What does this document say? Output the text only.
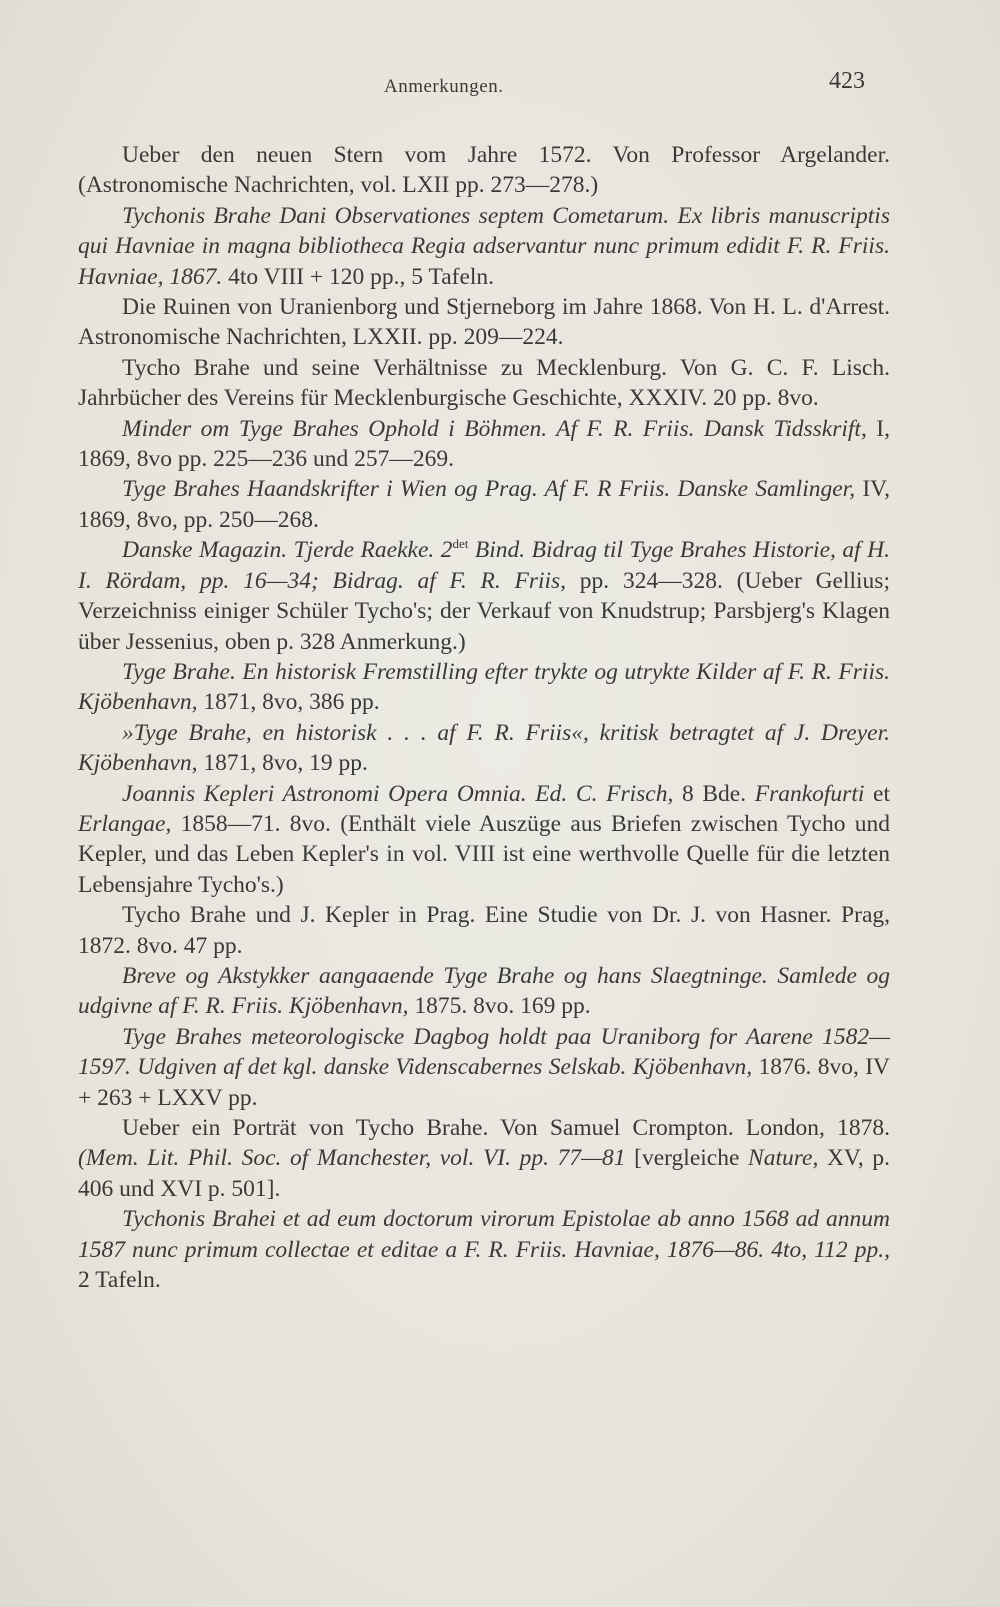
Anmerkungen.	423

Ueber den neuen Stern vom Jahre 1572. Von Professor Argelander. (Astronomische Nachrichten, vol. LXII pp. 273—278.)

Tychonis Brahe Dani Observationes septem Cometarum. Ex libris manuscriptis qui Havniae in magna bibliotheca Regia adservantur nunc primum edidit F. R. Friis. Havniae, 1867. 4to VIII + 120 pp., 5 Tafeln.

Die Ruinen von Uranienborg und Stjerneborg im Jahre 1868. Von H. L. d'Arrest. Astronomische Nachrichten, LXXII. pp. 209—224.

Tycho Brahe und seine Verhältnisse zu Mecklenburg. Von G. C. F. Lisch. Jahrbücher des Vereins für Mecklenburgische Geschichte, XXXIV. 20 pp. 8vo.

Minder om Tyge Brahes Ophold i Böhmen. Af F. R. Friis. Dansk Tidsskrift, I, 1869, 8vo pp. 225—236 und 257—269.

Tyge Brahes Haandskrifter i Wien og Prag. Af F. R Friis. Danske Samlinger, IV, 1869, 8vo, pp. 250—268.

Danske Magazin. Tjerde Raekke. $2^{det}$ Bind. Bidrag til Tyge Brahes Historie, af H. I. Rördam, pp. 16—34; Bidrag. af F. R. Friis, pp. 324—328. (Ueber Gellius; Verzeichniss einiger Schüler Tycho's; der Verkauf von Knudstrup; Parsbjerg's Klagen über Jessenius, oben p. 328 Anmerkung.)

Tyge Brahe. En historisk Fremstilling efter trykte og utrykte Kilder af F. R. Friis. Kjöbenhavn, 1871, 8vo, 386 pp.

»Tyge Brahe, en historisk . . . af F. R. Friis«, kritisk betragtet af J. Dreyer. Kjöbenhavn, 1871, 8vo, 19 pp.

Joannis Kepleri Astronomi Opera Omnia. Ed. C. Frisch, 8 Bde. Frankofurti et Erlangae, 1858—71. 8vo. (Enthält viele Auszüge aus Briefen zwischen Tycho und Kepler, und das Leben Kepler's in vol. VIII ist eine werthvolle Quelle für die letzten Lebensjahre Tycho's.)

Tycho Brahe und J. Kepler in Prag. Eine Studie von Dr. J. von Hasner. Prag, 1872. 8vo. 47 pp.

Breve og Akstykker aangaaende Tyge Brahe og hans Slaegtninge. Samlede og udgivne af F. R. Friis. Kjöbenhavn, 1875. 8vo. 169 pp.

Tyge Brahes meteorologiscke Dagbog holdt paa Uraniborg for Aarene 1582—1597. Udgiven af det kgl. danske Videnscabernes Selskab. Kjöbenhavn, 1876. 8vo, IV + 263 + LXXV pp.

Ueber ein Porträt von Tycho Brahe. Von Samuel Crompton. London, 1878. (Mem. Lit. Phil. Soc. of Manchester, vol. VI. pp. 77—81 [vergleiche Nature, XV, p. 406 und XVI p. 501].

Tychonis Brahei et ad eum doctorum virorum Epistolae ab anno 1568 ad annum 1587 nunc primum collectae et editae a F. R. Friis. Havniae, 1876—86. 4to, 112 pp., 2 Tafeln.
